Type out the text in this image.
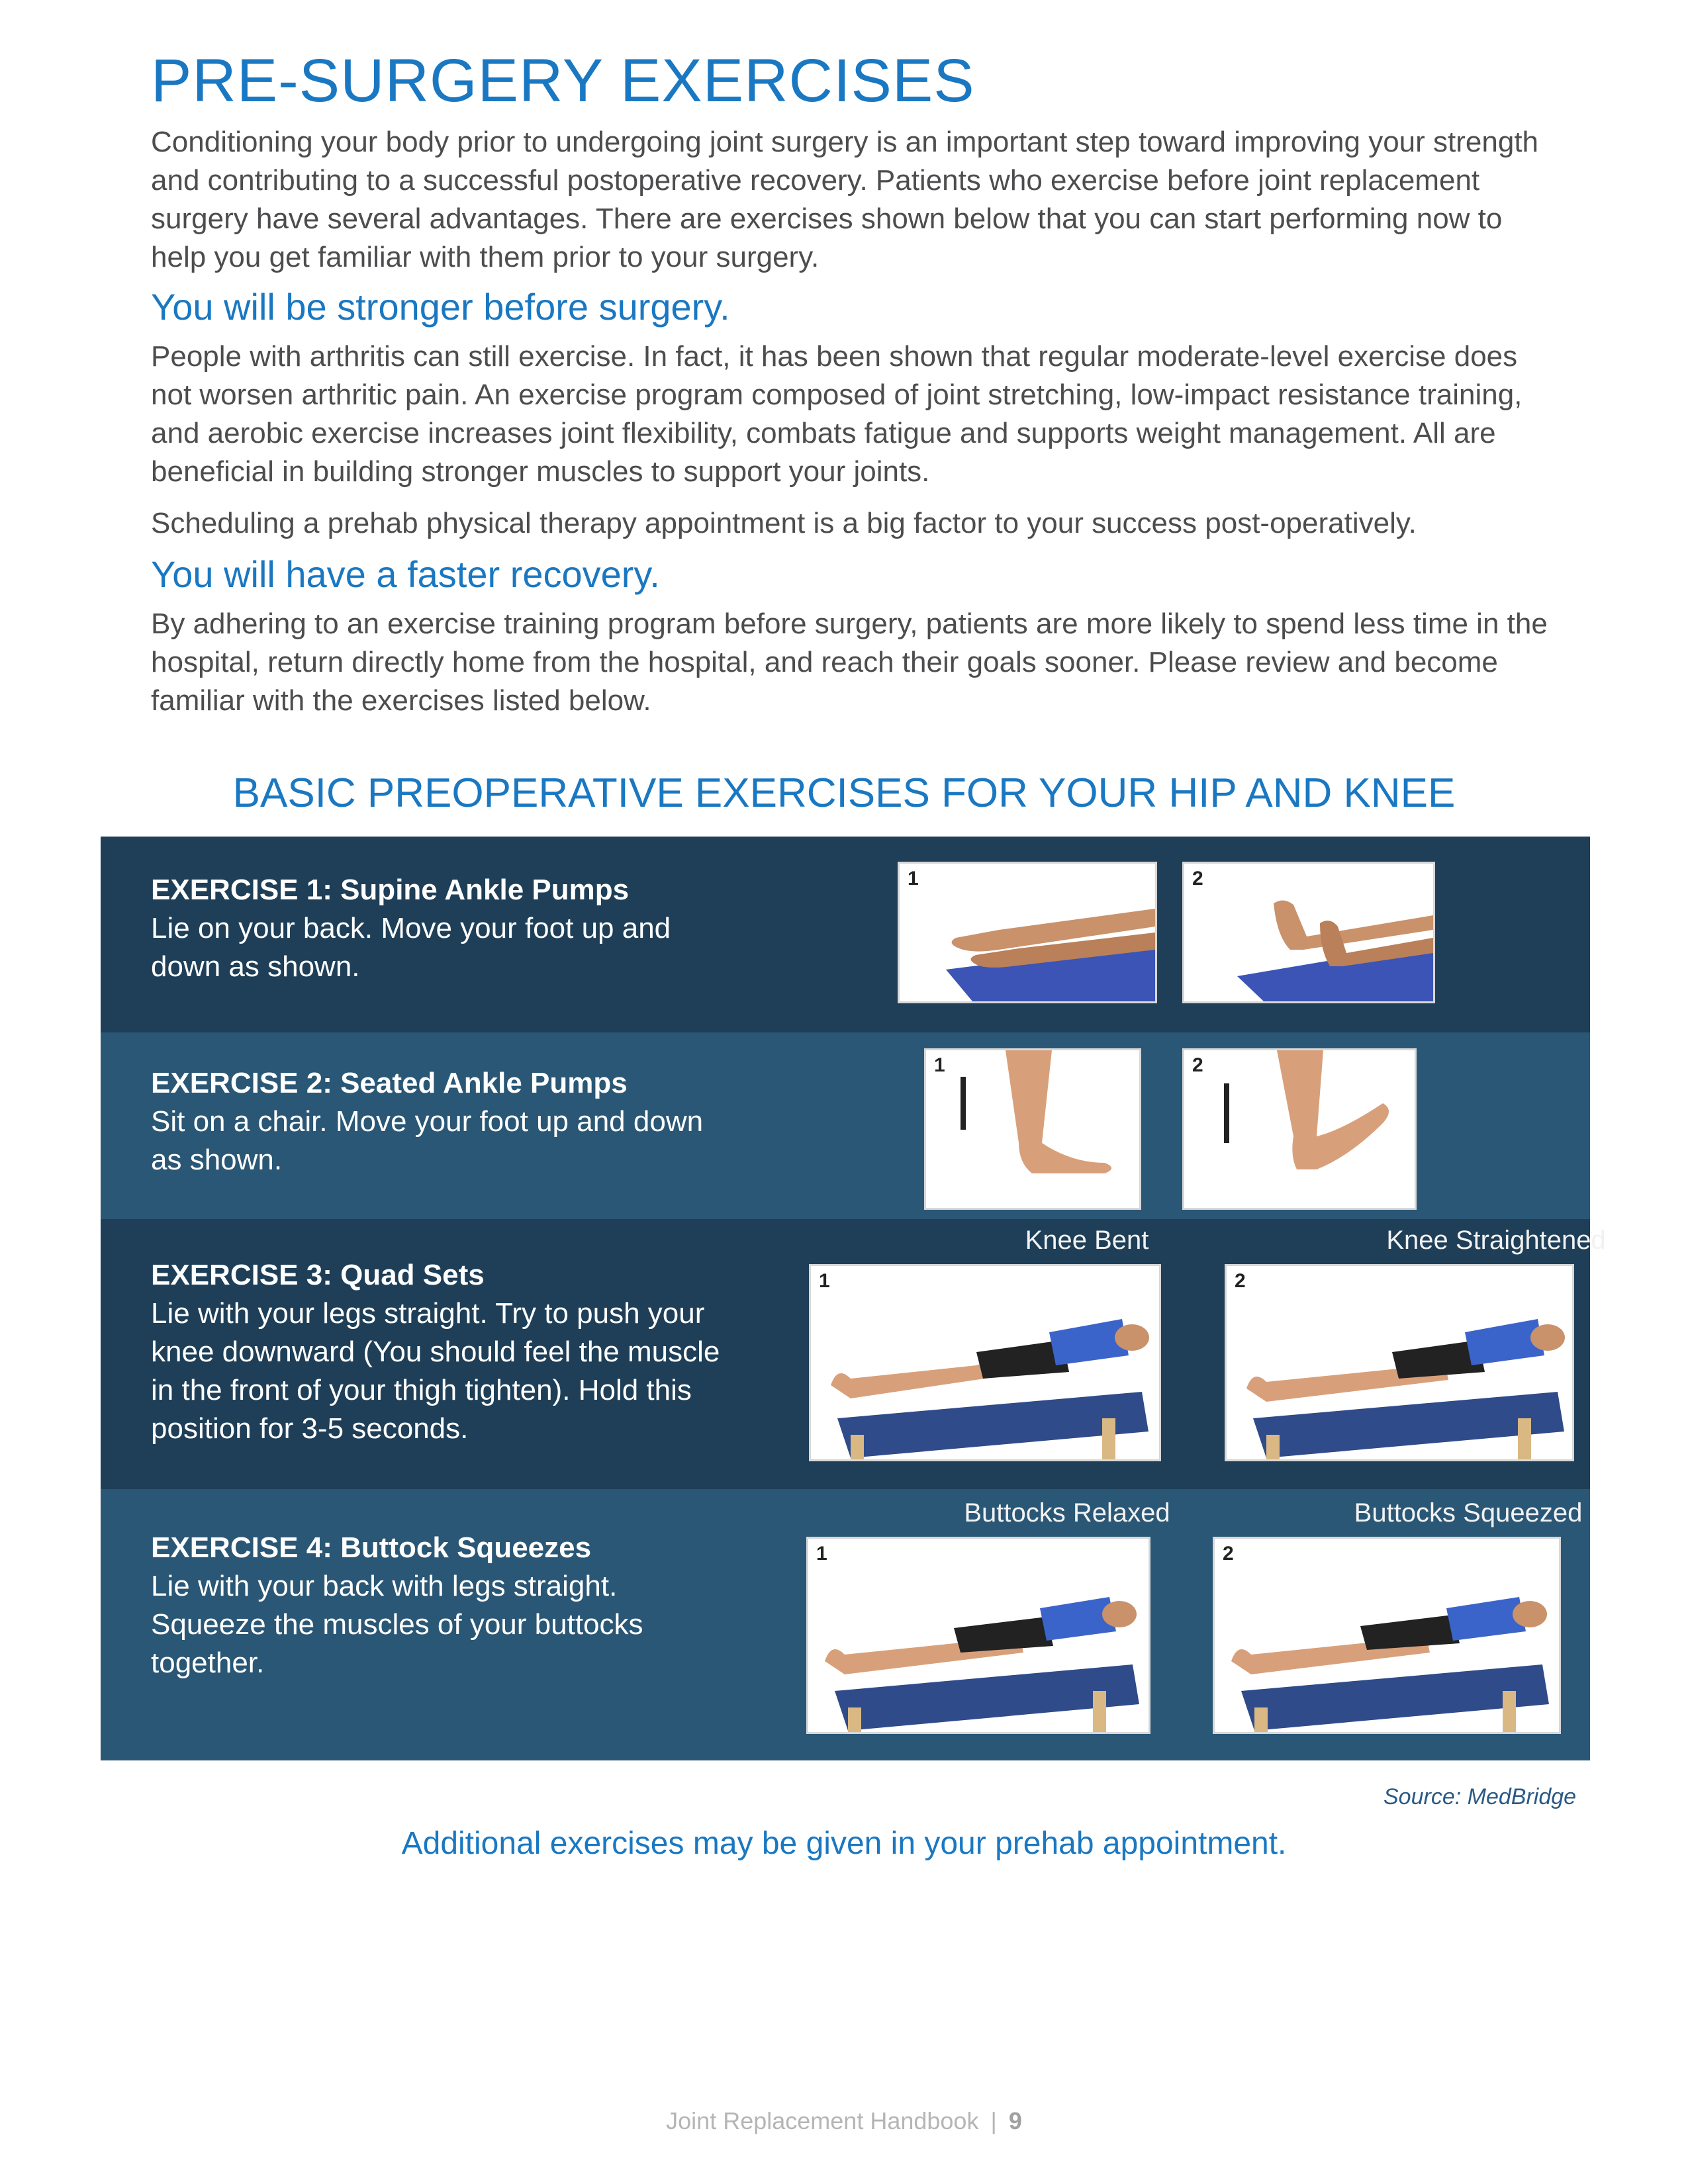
PRE-SURGERY EXERCISES

Conditioning your body prior to undergoing joint surgery is an important step toward improving your strength and contributing to a successful postoperative recovery. Patients who exercise before joint replacement surgery have several advantages. There are exercises shown below that you can start performing now to help you get familiar with them prior to your surgery.

You will be stronger before surgery.

People with arthritis can still exercise. In fact, it has been shown that regular moderate-level exercise does not worsen arthritic pain. An exercise program composed of joint stretching, low-impact resistance training, and aerobic exercise increases joint flexibility, combats fatigue and supports weight management. All are beneficial in building stronger muscles to support your joints.

Scheduling a prehab physical therapy appointment is a big factor to your success post-operatively.

You will have a faster recovery.

By adhering to an exercise training program before surgery, patients are more likely to spend less time in the hospital, return directly home from the hospital, and reach their goals sooner. Please review and become familiar with the exercises listed below.

BASIC PREOPERATIVE EXERCISES FOR YOUR HIP AND KNEE
EXERCISE 1: Supine Ankle Pumps
Lie on your back. Move your foot up and down as shown.
1	2
EXERCISE 2: Seated Ankle Pumps
Sit on a chair. Move your foot up and down as shown.
1	2
EXERCISE 3: Quad Sets
Lie with your legs straight. Try to push your knee downward (You should feel the muscle in the front of your thigh tighten). Hold this position for 3-5 seconds.
Knee Bent	Knee Straightened
1	2
EXERCISE 4: Buttock Squeezes
Lie with your back with legs straight. Squeeze the muscles of your buttocks together.
Buttocks Relaxed	Buttocks Squeezed
1	2
Source: MedBridge
Additional exercises may be given in your prehab appointment.
Joint Replacement Handbook | 9
